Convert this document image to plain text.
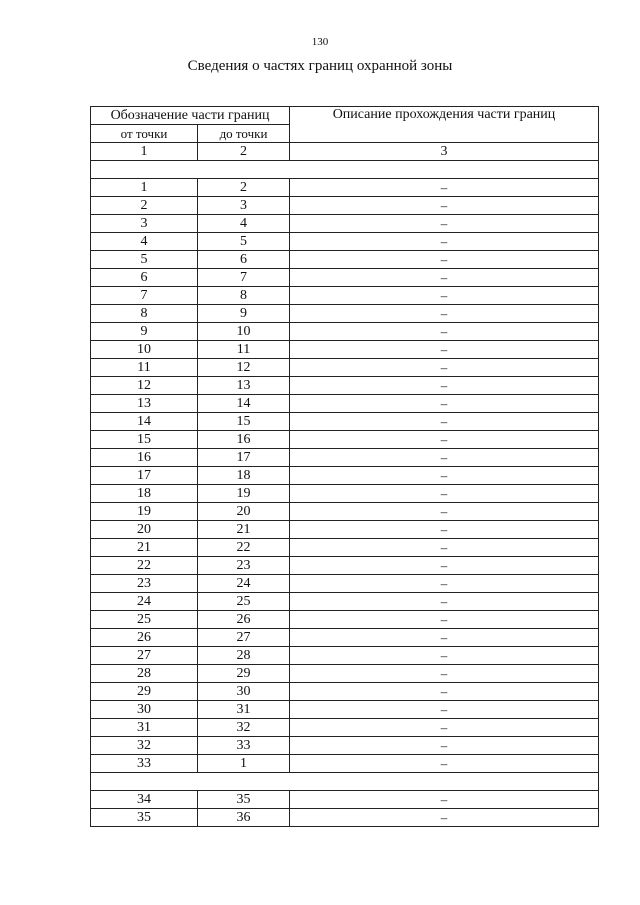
130
Сведения о частях границ охранной зоны
Обозначение части границ		Описание прохождения части границ
от точки	до точки	
1	2	3

1	2	–
2	3	–
3	4	–
4	5	–
5	6	–
6	7	–
7	8	–
8	9	–
9	10	–
10	11	–
11	12	–
12	13	–
13	14	–
14	15	–
15	16	–
16	17	–
17	18	–
18	19	–
19	20	–
20	21	–
21	22	–
22	23	–
23	24	–
24	25	–
25	26	–
26	27	–
27	28	–
28	29	–
29	30	–
30	31	–
31	32	–
32	33	–
33	1	–

34	35	–
35	36	–
